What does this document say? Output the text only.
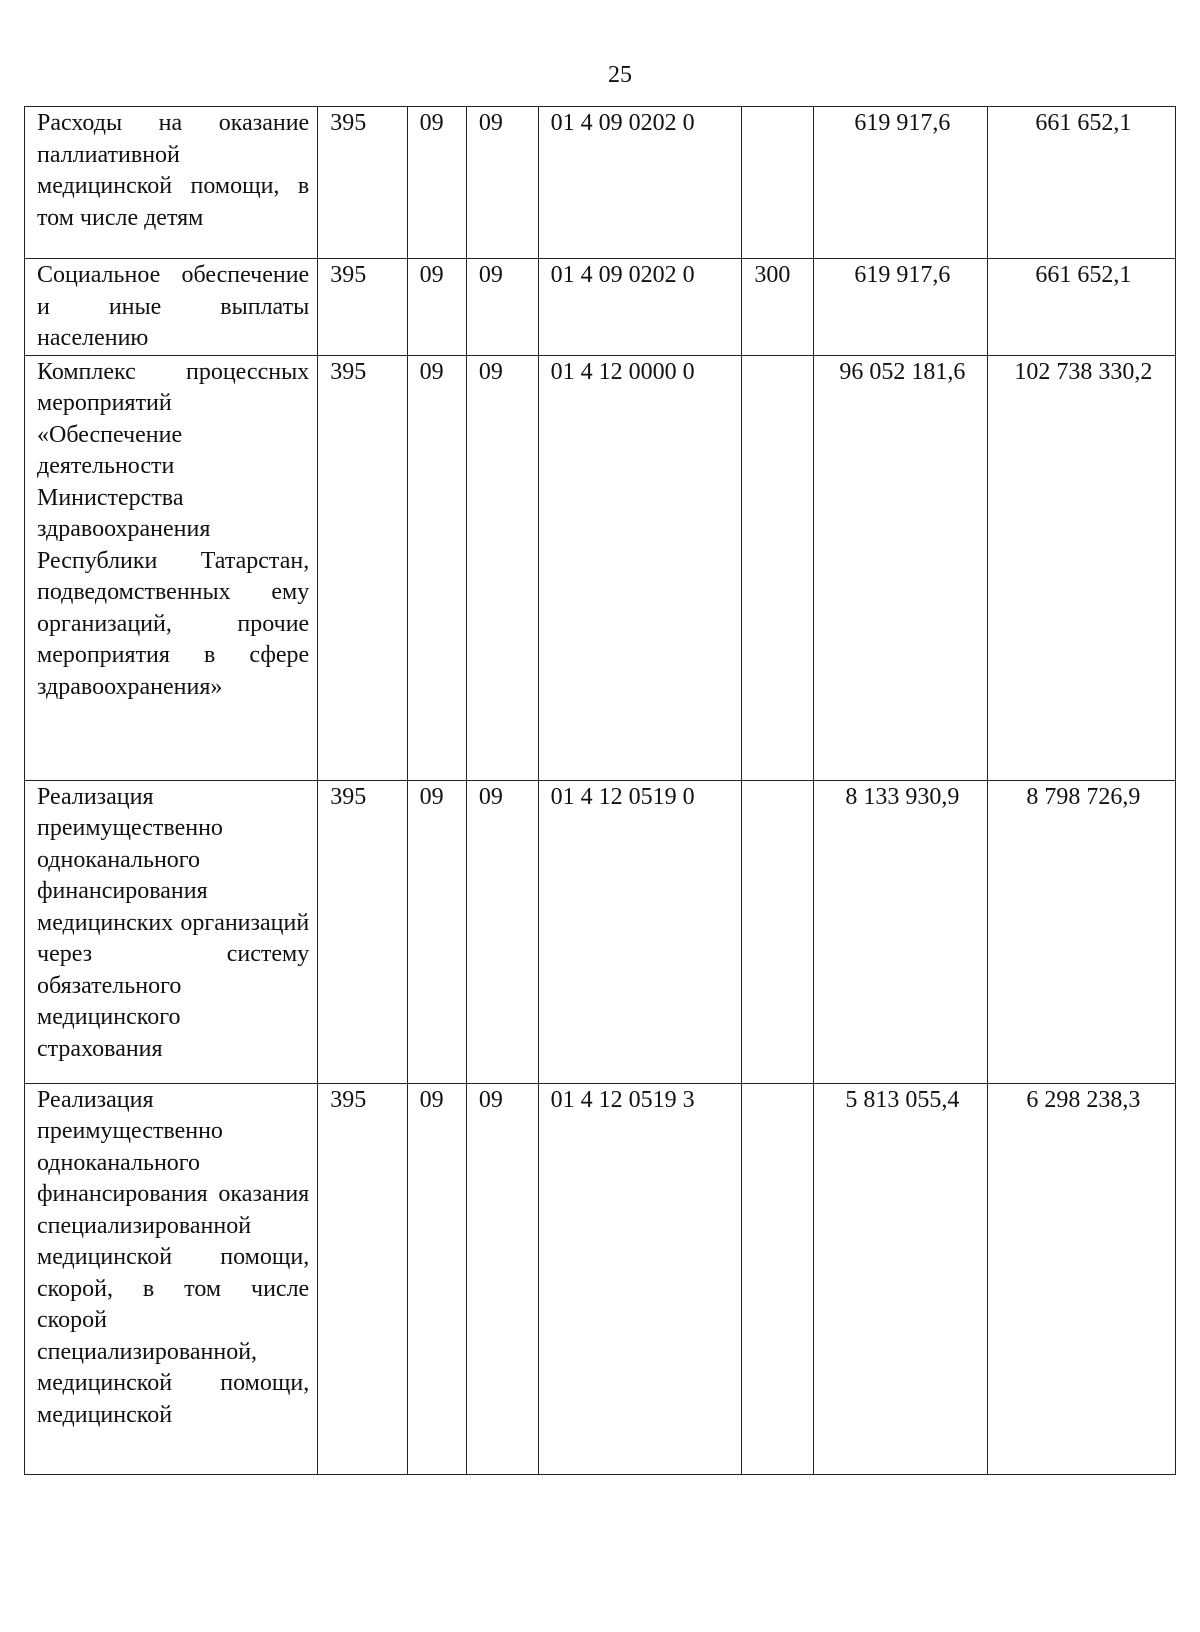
25
Расходы на оказание паллиативной медицинской помощи, в том числе детям	395	09	09	01 4 09 0202 0		619 917,6	661 652,1
Социальное обеспечение и иные выплаты населению	395	09	09	01 4 09 0202 0	300	619 917,6	661 652,1
Комплекс процессных мероприятий «Обеспечение деятельности Министерства здравоохранения Республики Татарстан, подведомственных ему организаций, прочие мероприятия в сфере здравоохранения»	395	09	09	01 4 12 0000 0		96 052 181,6	102 738 330,2
Реализация преимущественно одноканального финансирования медицинских организаций через систему обязательного медицинского страхования	395	09	09	01 4 12 0519 0		8 133 930,9	8 798 726,9
Реализация преимущественно одноканального финансирования оказания специализированной медицинской помощи, скорой, в том числе скорой специализированной, медицинской помощи, медицинской	395	09	09	01 4 12 0519 3		5 813 055,4	6 298 238,3
